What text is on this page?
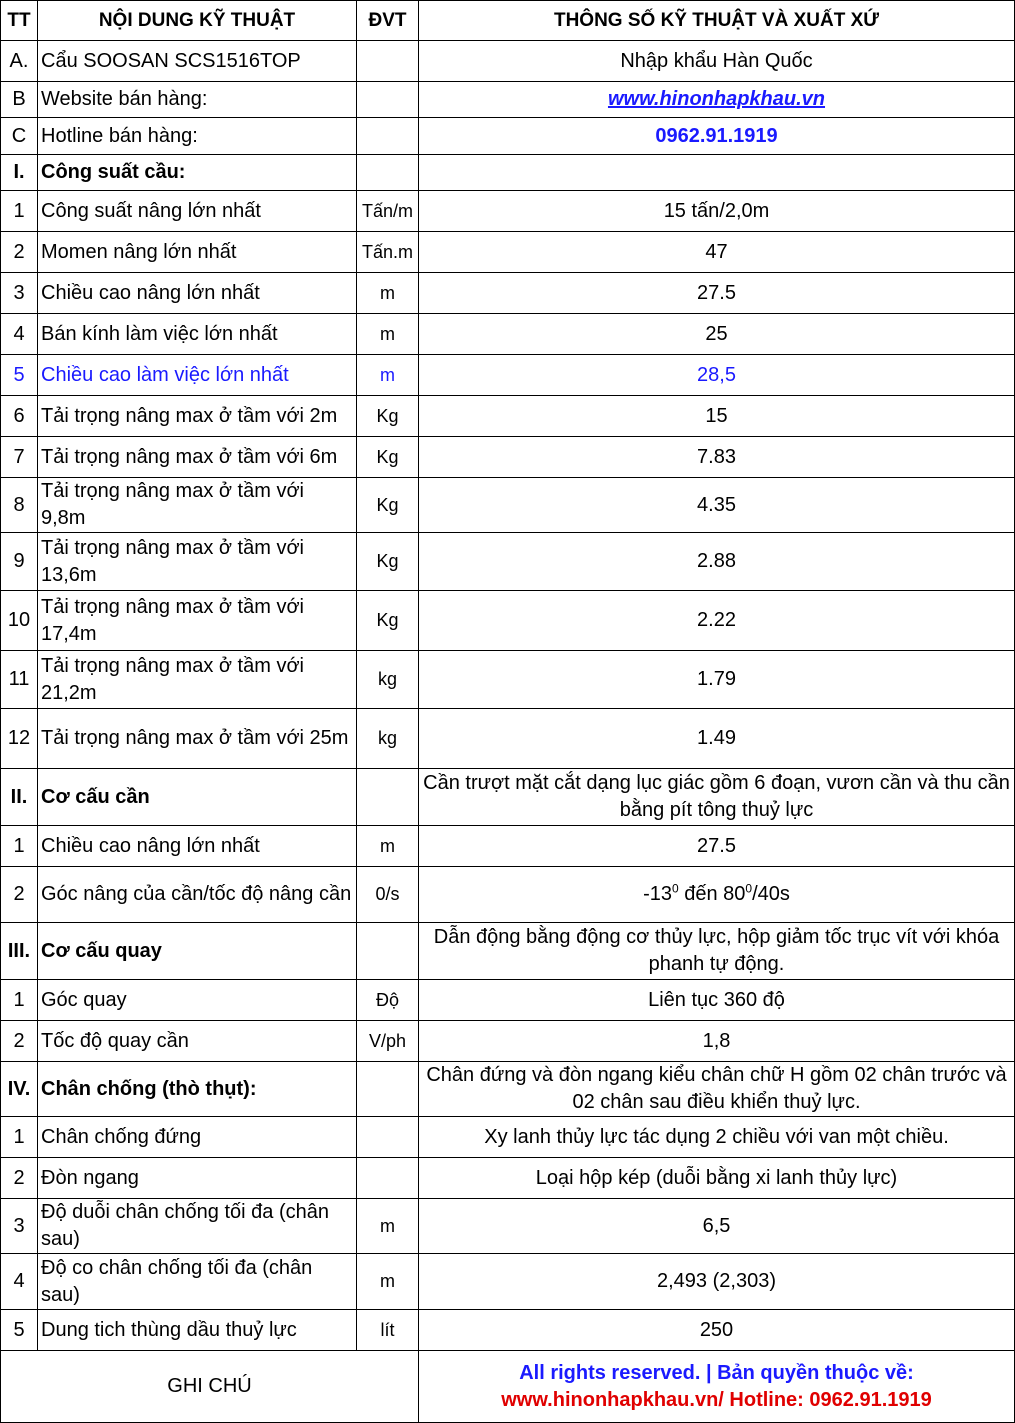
TT	NỘI DUNG KỸ THUẬT	ĐVT	THÔNG SỐ KỸ THUẬT VÀ XUẤT XỨ
A.	Cẩu SOOSAN SCS1516TOP		Nhập khẩu Hàn Quốc
B	Website bán hàng:		www.hinonhapkhau.vn
C	Hotline bán hàng:		0962.91.1919
I.	Công suất cầu:		
1	Công suất nâng lớn nhất	Tấn/m	15 tấn/2,0m
2	Momen nâng lớn nhất	Tấn.m	47
3	Chiều cao nâng lớn nhất	m	27.5
4	Bán kính làm việc lớn nhất	m	25
5	Chiều cao làm việc lớn nhất	m	28,5
6	Tải trọng nâng max ở tầm với 2m	Kg	15
7	Tải trọng nâng max ở tầm với 6m	Kg	7.83
8	Tải trọng nâng max ở tầm với 9,8m	Kg	4.35
9	Tải trọng nâng max ở tầm với 13,6m	Kg	2.88
10	Tải trọng nâng max ở tầm với 17,4m	Kg	2.22
11	Tải trọng nâng max ở tầm với 21,2m	kg	1.79
12	Tải trọng nâng max ở tầm với 25m	kg	1.49
II.	Cơ cấu cần		Cần trượt mặt cắt dạng lục giác gồm 6 đoạn, vươn cần và thu cần bằng pít tông thuỷ lực
1	Chiều cao nâng lớn nhất	m	27.5
2	Góc nâng của cần/tốc độ nâng cần	0/s	$-13^0$ đến $80^0/40s$
III.	Cơ cấu quay		Dẫn động bằng động cơ thủy lực, hộp giảm tốc trục vít với khóa phanh tự động.
1	Góc quay	Độ	Liên tục 360 độ
2	Tốc độ quay cần	V/ph	1,8
IV.	Chân chống (thò thụt):		Chân đứng và đòn ngang kiểu chân chữ H gồm 02 chân trước và 02 chân sau điều khiển thuỷ lực.
1	Chân chống đứng		Xy lanh thủy lực tác dụng 2 chiều với van một chiều.
2	Đòn ngang		Loại hộp kép (duỗi bằng xi lanh thủy lực)
3	Độ duỗi chân chống tối đa (chân sau)	m	6,5
4	Độ co chân chống tối đa (chân sau)	m	2,493 (2,303)
5	Dung tich thùng dầu thuỷ lực	lít	250
GHI CHÚ			All rights reserved. | Bản quyền thuộc về:
www.hinonhapkhau.vn/ Hotline: 0962.91.1919
